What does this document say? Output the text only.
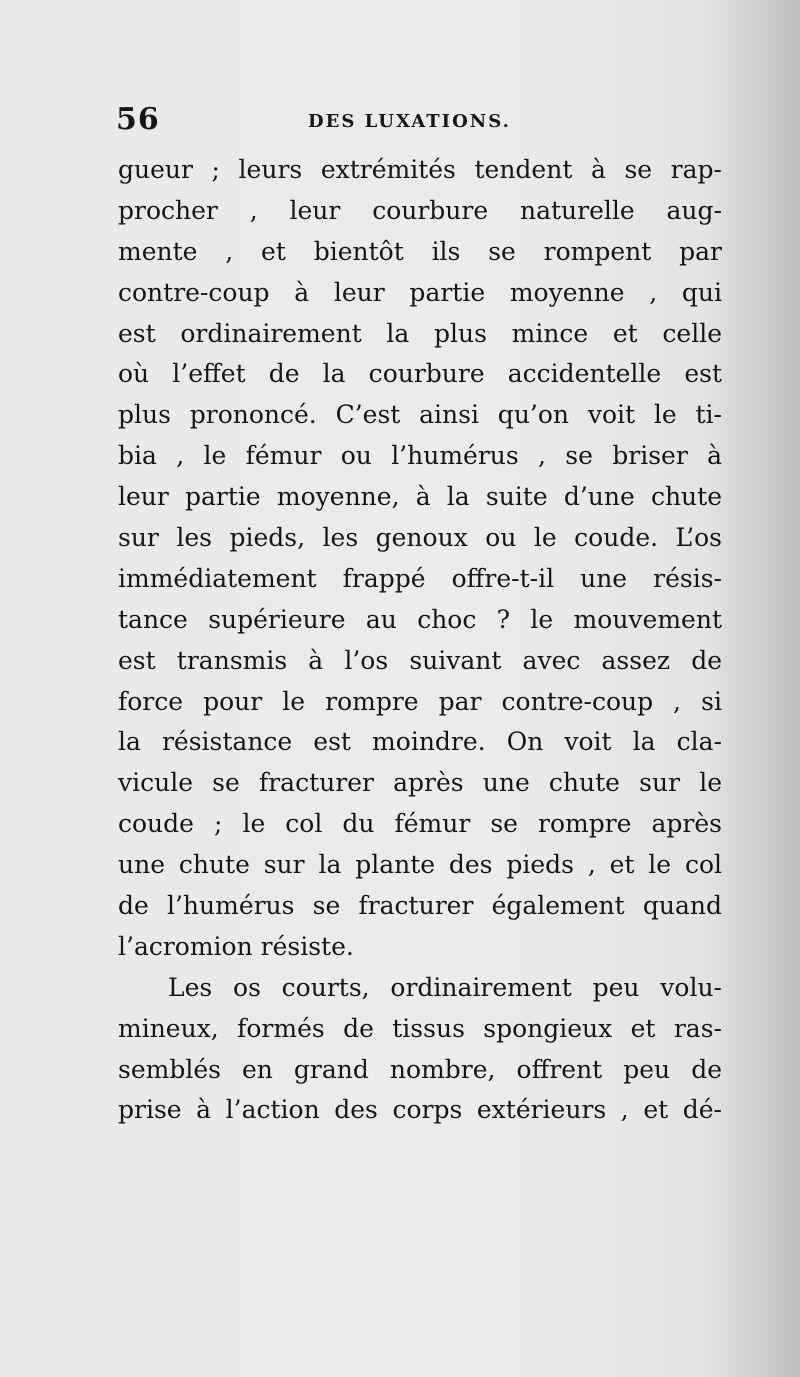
56	DES LUXATIONS.
gueur ; leurs extrémités tendent à se rap-
procher , leur courbure naturelle aug-
mente , et bientôt ils se rompent par
contre-coup à leur partie moyenne , qui
est ordinairement la plus mince et celle
où l’effet de la courbure accidentelle est
plus prononcé. C’est ainsi qu’on voit le ti-
bia , le fémur ou l’humérus , se briser à
leur partie moyenne, à la suite d’une chute
sur les pieds, les genoux ou le coude. L’os
immédiatement frappé offre-t-il une résis-
tance supérieure au choc ? le mouvement
est transmis à l’os suivant avec assez de
force pour le rompre par contre-coup , si
la résistance est moindre. On voit la cla-
vicule se fracturer après une chute sur le
coude ; le col du fémur se rompre après
une chute sur la plante des pieds , et le col
de l’humérus se fracturer également quand
l’acromion résiste.
Les os courts, ordinairement peu volu-
mineux, formés de tissus spongieux et ras-
semblés en grand nombre, offrent peu de
prise à l’action des corps extérieurs , et dé-
